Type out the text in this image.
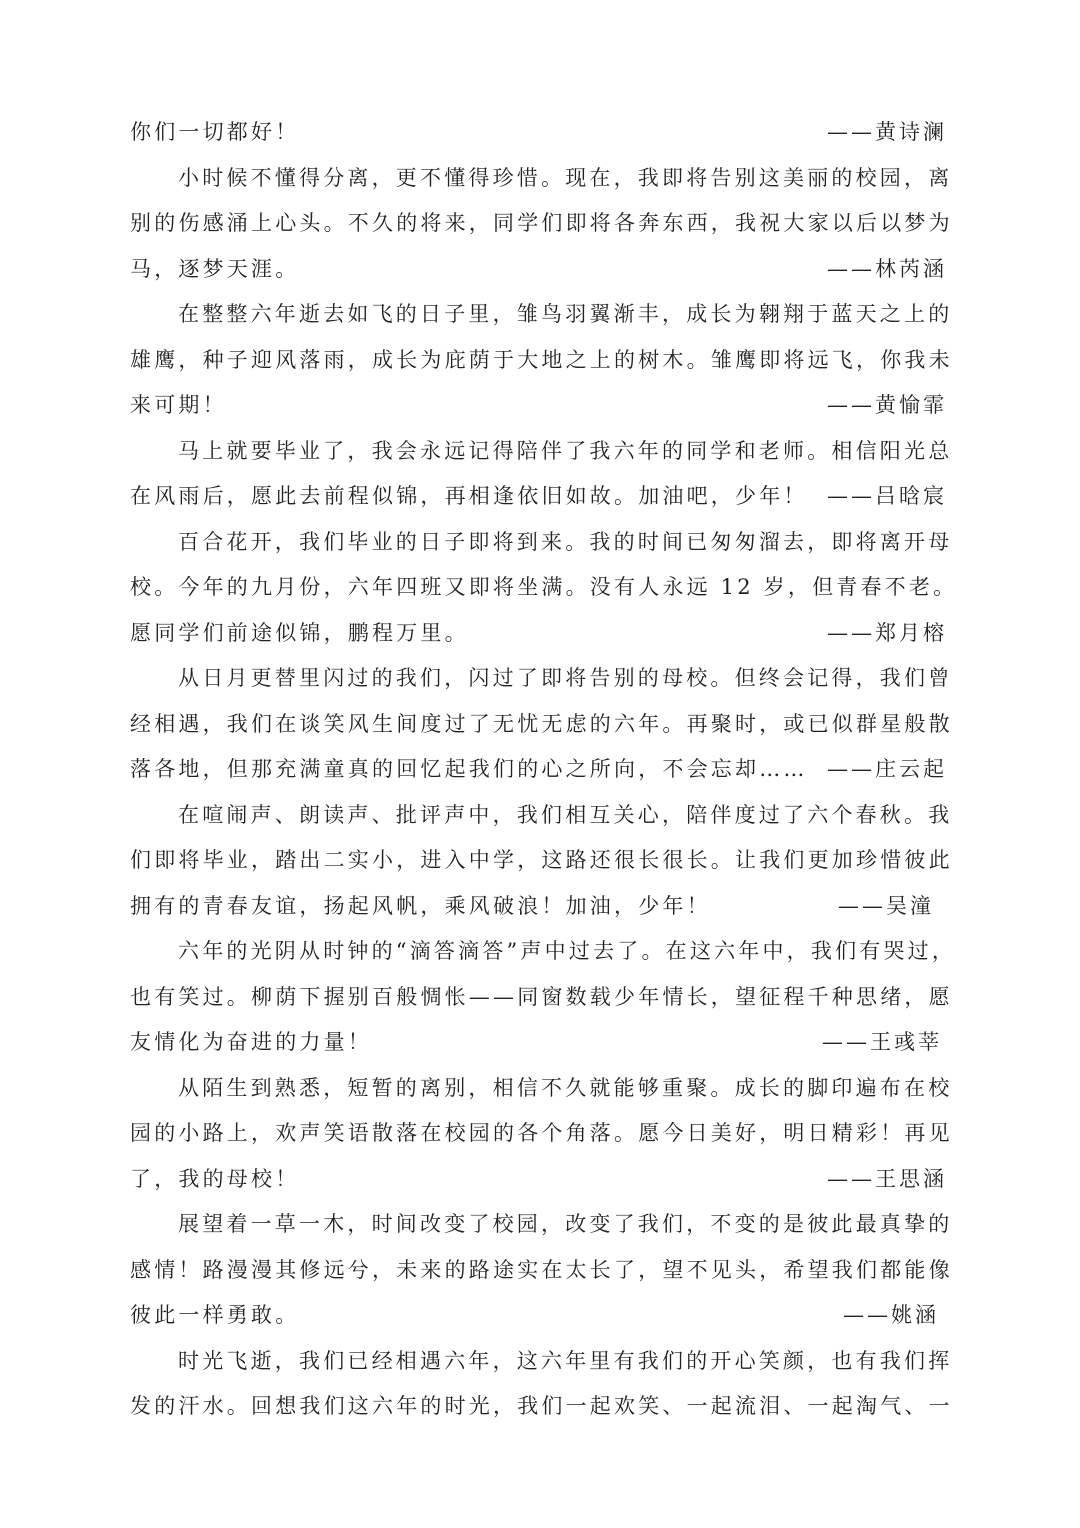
你们一切都好！	——黄诗澜
小时候不懂得分离，更不懂得珍惜。现在，我即将告别这美丽的校园，离
别的伤感涌上心头。不久的将来，同学们即将各奔东西，我祝大家以后以梦为
马，逐梦天涯。	——林芮涵
在整整六年逝去如飞的日子里，雏鸟羽翼渐丰，成长为翱翔于蓝天之上的
雄鹰，种子迎风落雨，成长为庇荫于大地之上的树木。雏鹰即将远飞，你我未
来可期！	——黄愉霏
马上就要毕业了，我会永远记得陪伴了我六年的同学和老师。相信阳光总
在风雨后，愿此去前程似锦，再相逢依旧如故。加油吧，少年！ ——吕晗宸
百合花开，我们毕业的日子即将到来。我的时间已匆匆溜去，即将离开母
校。今年的九月份，六年四班又即将坐满。没有人永远 12 岁，但青春不老。
愿同学们前途似锦，鹏程万里。	——郑月榕
从日月更替里闪过的我们，闪过了即将告别的母校。但终会记得，我们曾
经相遇，我们在谈笑风生间度过了无忧无虑的六年。再聚时，或已似群星般散
落各地，但那充满童真的回忆起我们的心之所向，不会忘却…… ——庄云起
在喧闹声、朗读声、批评声中，我们相互关心，陪伴度过了六个春秋。我
们即将毕业，踏出二实小，进入中学，这路还很长很长。让我们更加珍惜彼此
拥有的青春友谊，扬起风帆，乘风破浪！加油，少年！	——吴潼
六年的光阴从时钟的“滴答滴答”声中过去了。在这六年中，我们有哭过，
也有笑过。柳荫下握别百般惆怅——同窗数载少年情长，望征程千种思绪，愿
友情化为奋进的力量！	——王彧莘
从陌生到熟悉，短暂的离别，相信不久就能够重聚。成长的脚印遍布在校
园的小路上，欢声笑语散落在校园的各个角落。愿今日美好，明日精彩！再见
了，我的母校！	——王思涵
展望着一草一木，时间改变了校园，改变了我们，不变的是彼此最真挚的
感情！路漫漫其修远兮，未来的路途实在太长了，望不见头，希望我们都能像
彼此一样勇敢。	——姚涵
时光飞逝，我们已经相遇六年，这六年里有我们的开心笑颜，也有我们挥
发的汗水。回想我们这六年的时光，我们一起欢笑、一起流泪、一起淘气、一
